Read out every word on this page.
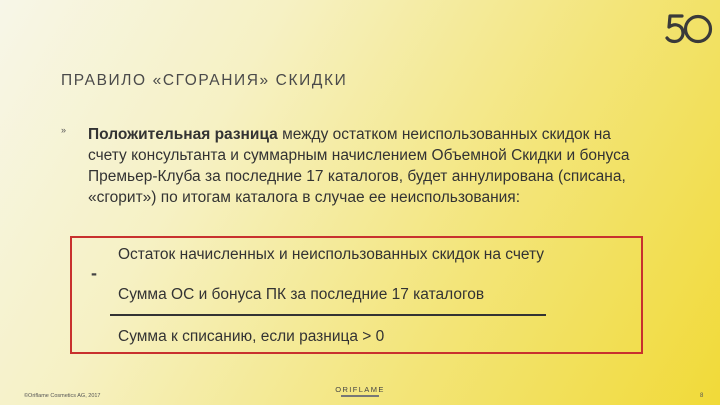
ПРАВИЛО «СГОРАНИЯ» СКИДКИ
» Положительная разница между остатком неиспользованных скидок на счету консультанта и суммарным начислением Объемной Скидки и бонуса Премьер-Клуба за последние 17 каталогов, будет аннулирована (списана, «сгорит») по итогам каталога в случае ее неиспользования:
-
Остаток начисленных и неиспользованных скидок на счету
Сумма ОС и бонуса ПК за последние 17 каталогов
Сумма к списанию, если разница > 0
©Oriflame Cosmetics AG, 2017
ORIFLAME
8
